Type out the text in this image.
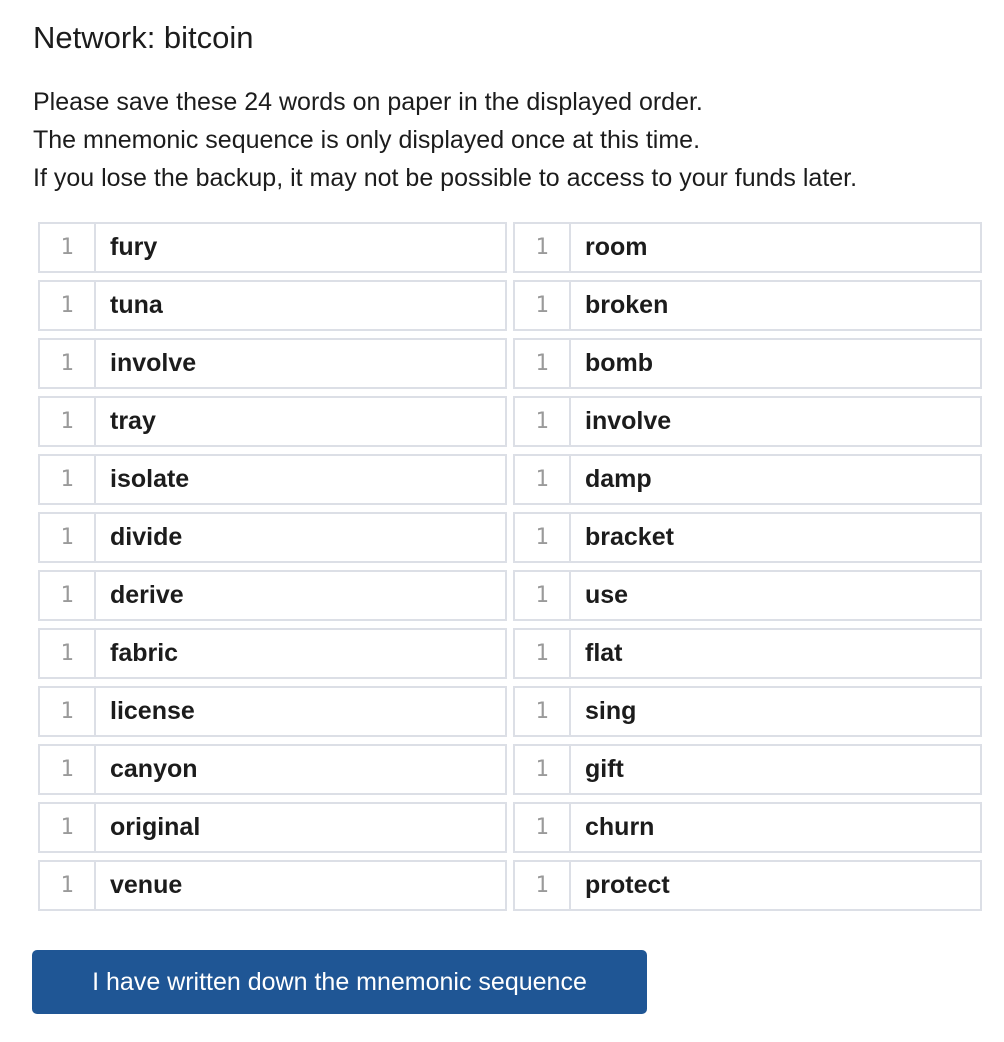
Network: bitcoin
Please save these 24 words on paper in the displayed order.
The mnemonic sequence is only displayed once at this time.
If you lose the backup, it may not be possible to access to your funds later.
1	fury	1	room
1	tuna	1	broken
1	involve	1	bomb
1	tray	1	involve
1	isolate	1	damp
1	divide	1	bracket
1	derive	1	use
1	fabric	1	flat
1	license	1	sing
1	canyon	1	gift
1	original	1	churn
1	venue	1	protect
I have written down the mnemonic sequence
